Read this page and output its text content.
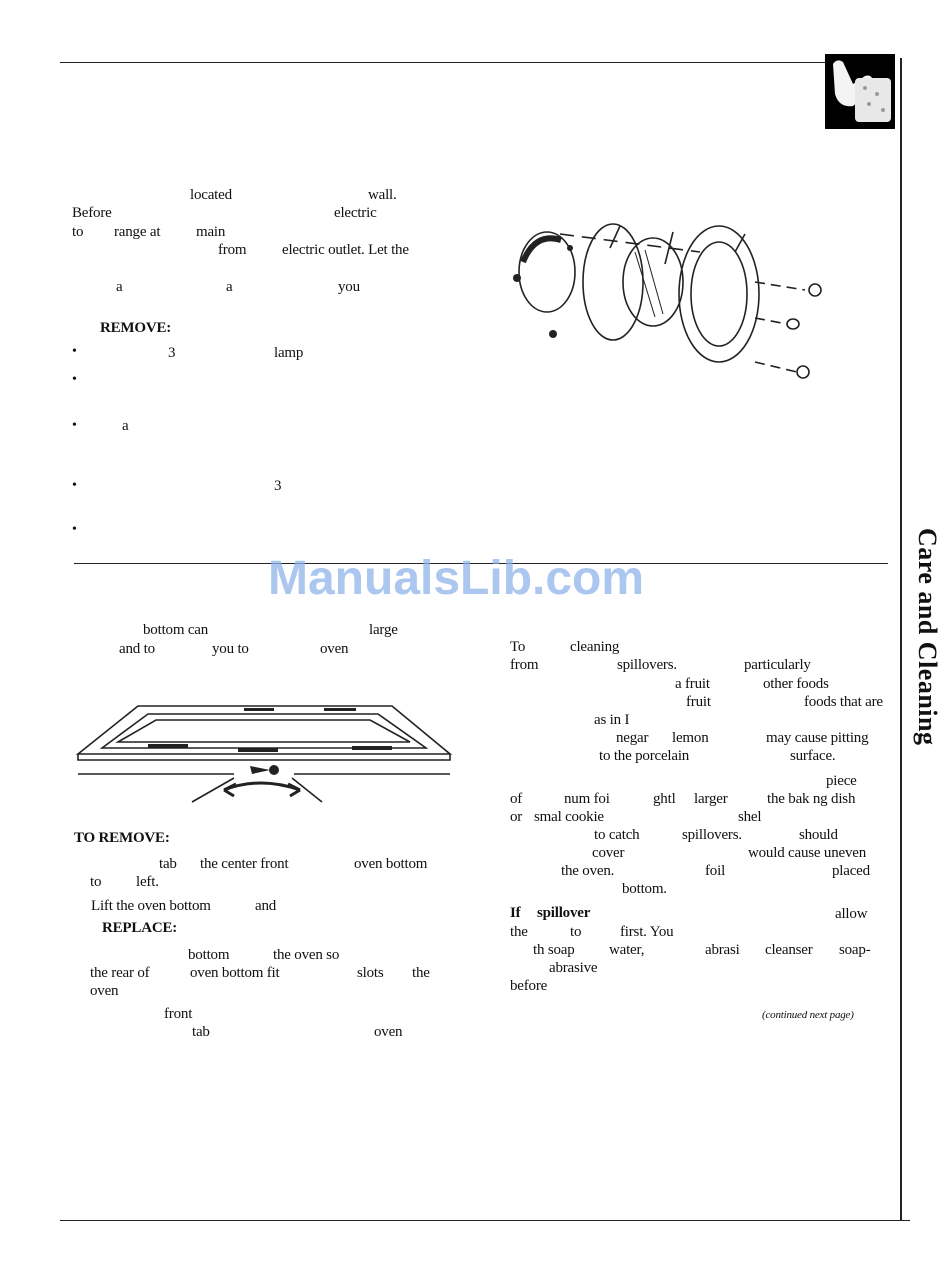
located	wall.
Before	electric
to range at main
from electric outlet. Let the
a	a	you
REMOVE:
•	3	lamp
•
•	a
•	3
•
ManualsLib.com	Care and Cleaning
bottom can	large
and to	you to	oven
TO REMOVE:
tab the center front	oven bottom
to left.
Lift the oven bottom	and
REPLACE:
bottom	the oven so
the rear of	oven bottom fit	slots the
oven
front
tab	oven
To	cleaning
from	spillovers.	particularly
a fruit	other foods
fruit	foods that are
as in I
negar lemon	may cause pitting
to the porcelain	surface.
piece
of	num foi	ghtl larger	the bak ng dish
or smal cookie	shel
to catch	spillovers.	should
cover	would cause uneven
the oven.	foil	placed
bottom.
If spillover	allow
the	to	first. You
th soap water,	abrasi cleanser soap-
abrasive
before
(continued next page)
